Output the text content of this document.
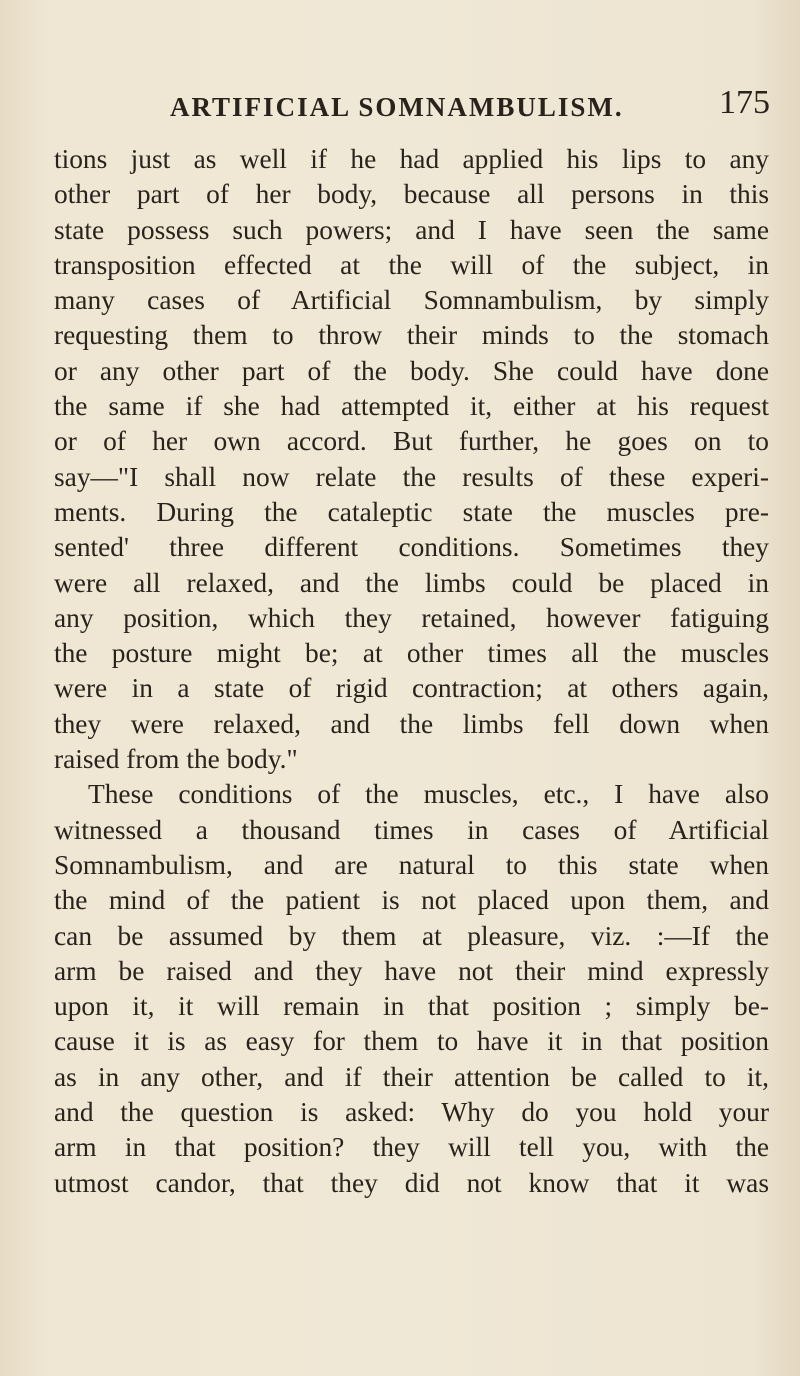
ARTIFICIAL SOMNAMBULISM.	175
tions just as well if he had applied his lips to any
other part of her body, because all persons in this
state possess such powers; and I have seen the same
transposition effected at the will of the subject, in
many cases of Artificial Somnambulism, by simply
requesting them to throw their minds to the stomach
or any other part of the body. She could have done
the same if she had attempted it, either at his request
or of her own accord. But further, he goes on to
say—"I shall now relate the results of these experi-
ments. During the cataleptic state the muscles pre-
sented' three different conditions. Sometimes they
were all relaxed, and the limbs could be placed in
any position, which they retained, however fatiguing
the posture might be; at other times all the muscles
were in a state of rigid contraction; at others again,
they were relaxed, and the limbs fell down when
raised from the body."
These conditions of the muscles, etc., I have also
witnessed a thousand times in cases of Artificial
Somnambulism, and are natural to this state when
the mind of the patient is not placed upon them, and
can be assumed by them at pleasure, viz. :—If the
arm be raised and they have not their mind expressly
upon it, it will remain in that position ; simply be-
cause it is as easy for them to have it in that position
as in any other, and if their attention be called to it,
and the question is asked: Why do you hold your
arm in that position? they will tell you, with the
utmost candor, that they did not know that it was
